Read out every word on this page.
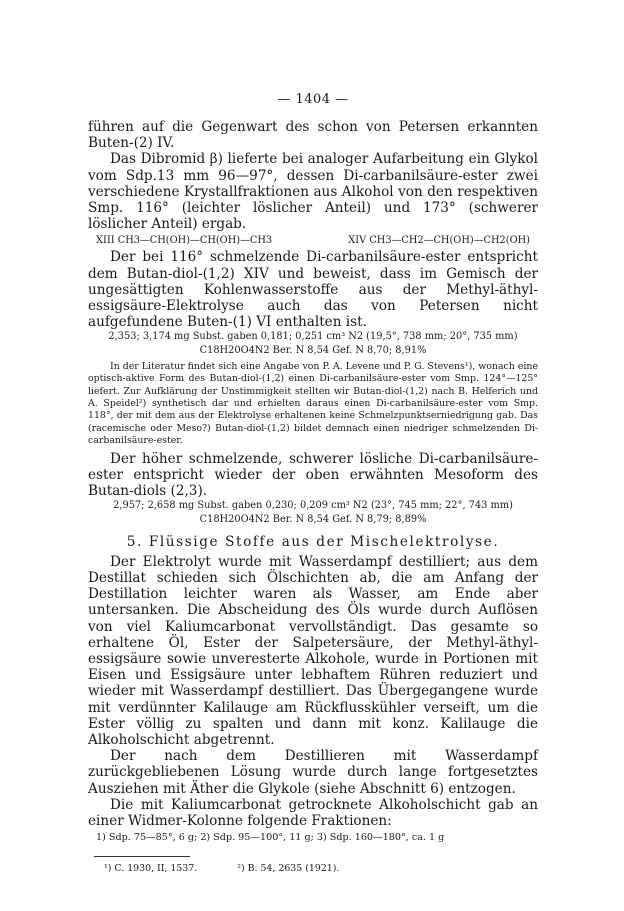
— 1404 —

führen auf die Gegenwart des schon von Petersen erkannten Buten-(2) IV.

Das Dibromid β) lieferte bei analoger Aufarbeitung ein Glykol vom Sdp.13 mm 96—97°, dessen Di-carbanilsäure-ester zwei verschiedene Krystallfraktionen aus Alkohol von den respektiven Smp. 116° (leichter löslicher Anteil) und 173° (schwerer löslicher Anteil) ergab.

XIII CH3—CH(OH)—CH(OH)—CH3	XIV CH3—CH2—CH(OH)—CH2(OH)

Der bei 116° schmelzende Di-carbanilsäure-ester entspricht dem Butan-diol-(1,2) XIV und beweist, dass im Gemisch der ungesättigten Kohlenwasserstoffe aus der Methyl-äthyl-essigsäure-Elektrolyse auch das von Petersen nicht aufgefundene Buten-(1) VI enthalten ist.

2,353; 3,174 mg Subst. gaben 0,181; 0,251 cm³ N2 (19,5°, 738 mm; 20°, 735 mm)

C18H20O4N2 Ber. N 8,54 Gef. N 8,70; 8,91%

In der Literatur findet sich eine Angabe von P. A. Levene und P. G. Stevens¹), wonach eine optisch-aktive Form des Butan-diol-(1,2) einen Di-carbanilsäure-ester vom Smp. 124°—125° liefert. Zur Aufklärung der Unstimmigkeit stellten wir Butan-diol-(1,2) nach B. Helferich und A. Speidel²) synthetisch dar und erhielten daraus einen Di-carbanilsäure-ester vom Smp. 118°, der mit dem aus der Elektrolyse erhaltenen keine Schmelzpunktserniedrigung gab. Das (racemische oder Meso?) Butan-diol-(1,2) bildet demnach einen niedriger schmelzenden Di-carbanilsäure-ester.

Der höher schmelzende, schwerer lösliche Di-carbanilsäure-ester entspricht wieder der oben erwähnten Mesoform des Butan-diols (2,3).

2,957; 2,658 mg Subst. gaben 0,230; 0,209 cm³ N2 (23°, 745 mm; 22°, 743 mm)

C18H20O4N2 Ber. N 8,54 Gef. N 8,79; 8,89%

5. Flüssige Stoffe aus der Mischelektrolyse.

Der Elektrolyt wurde mit Wasserdampf destilliert; aus dem Destillat schieden sich Ölschichten ab, die am Anfang der Destillation leichter waren als Wasser, am Ende aber untersanken. Die Abscheidung des Öls wurde durch Auflösen von viel Kaliumcarbonat vervollständigt. Das gesamte so erhaltene Öl, Ester der Salpetersäure, der Methyl-äthyl-essigsäure sowie unveresterte Alkohole, wurde in Portionen mit Eisen und Essigsäure unter lebhaftem Rühren reduziert und wieder mit Wasserdampf destilliert. Das Übergegangene wurde mit verdünnter Kalilauge am Rückflusskühler verseift, um die Ester völlig zu spalten und dann mit konz. Kalilauge die Alkoholschicht abgetrennt.

Der nach dem Destillieren mit Wasserdampf zurückgebliebenen Lösung wurde durch lange fortgesetztes Ausziehen mit Äther die Glykole (siehe Abschnitt 6) entzogen.

Die mit Kaliumcarbonat getrocknete Alkoholschicht gab an einer Widmer-Kolonne folgende Fraktionen:

1) Sdp. 75—85°, 6 g; 2) Sdp. 95—100°, 11 g; 3) Sdp. 160—180°, ca. 1 g
¹) C. 1930, II, 1537.	²) B. 54, 2635 (1921).
